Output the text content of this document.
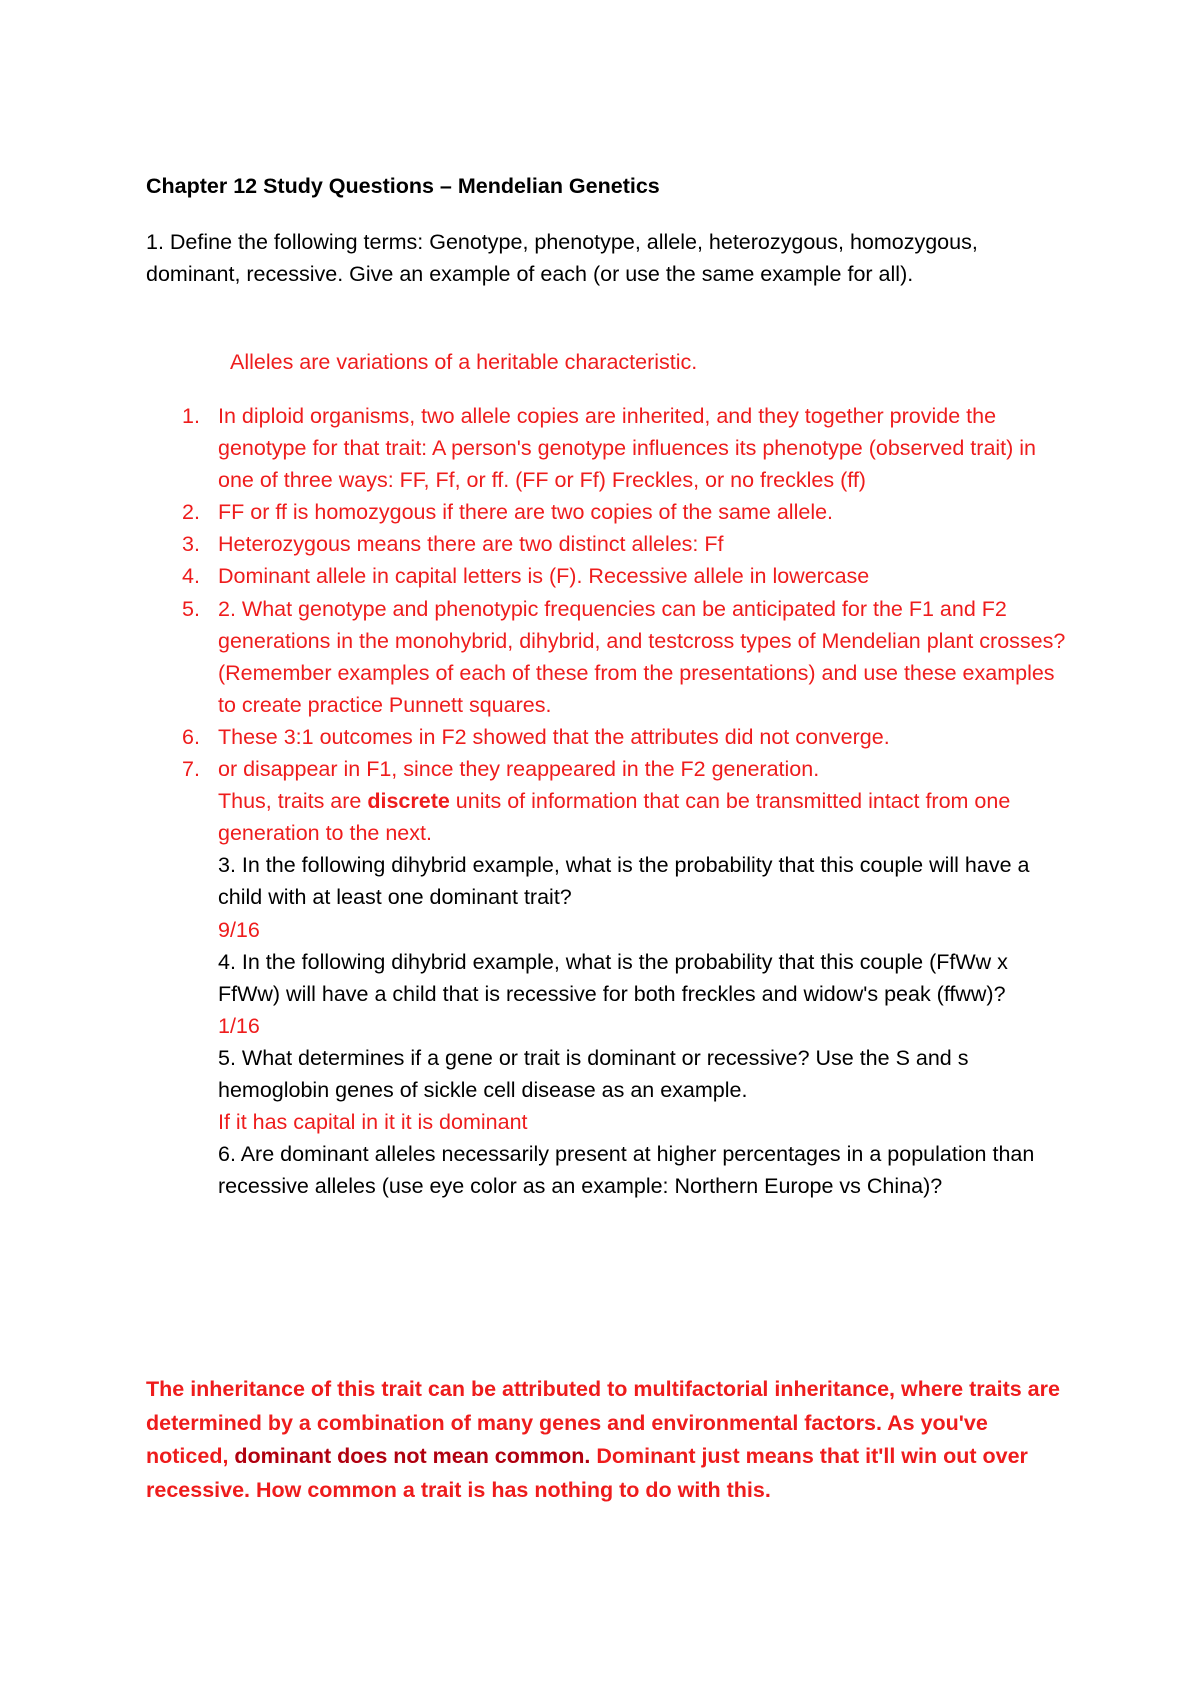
Chapter 12 Study Questions – Mendelian Genetics

1. Define the following terms: Genotype, phenotype, allele, heterozygous, homozygous, dominant, recessive. Give an example of each (or use the same example for all).

Alleles are variations of a heritable characteristic.

1. In diploid organisms, two allele copies are inherited, and they together provide the genotype for that trait: A person's genotype influences its phenotype (observed trait) in one of three ways: FF, Ff, or ff. (FF or Ff) Freckles, or no freckles (ff)
2. FF or ff is homozygous if there are two copies of the same allele.
3. Heterozygous means there are two distinct alleles: Ff
4. Dominant allele in capital letters is (F). Recessive allele in lowercase
5. 2. What genotype and phenotypic frequencies can be anticipated for the F1 and F2 generations in the monohybrid, dihybrid, and testcross types of Mendelian plant crosses? (Remember examples of each of these from the presentations) and use these examples to create practice Punnett squares.
6. These 3:1 outcomes in F2 showed that the attributes did not converge.
7. or disappear in F1, since they reappeared in the F2 generation.
Thus, traits are discrete units of information that can be transmitted intact from one generation to the next.
3. In the following dihybrid example, what is the probability that this couple will have a child with at least one dominant trait?
9/16
4. In the following dihybrid example, what is the probability that this couple (FfWw x FfWw) will have a child that is recessive for both freckles and widow's peak (ffww)?
1/16
5. What determines if a gene or trait is dominant or recessive? Use the S and s hemoglobin genes of sickle cell disease as an example.
If it has capital in it it is dominant
6. Are dominant alleles necessarily present at higher percentages in a population than recessive alleles (use eye color as an example: Northern Europe vs China)?

The inheritance of this trait can be attributed to multifactorial inheritance, where traits are determined by a combination of many genes and environmental factors. As you've noticed, dominant does not mean common. Dominant just means that it'll win out over recessive. How common a trait is has nothing to do with this.
